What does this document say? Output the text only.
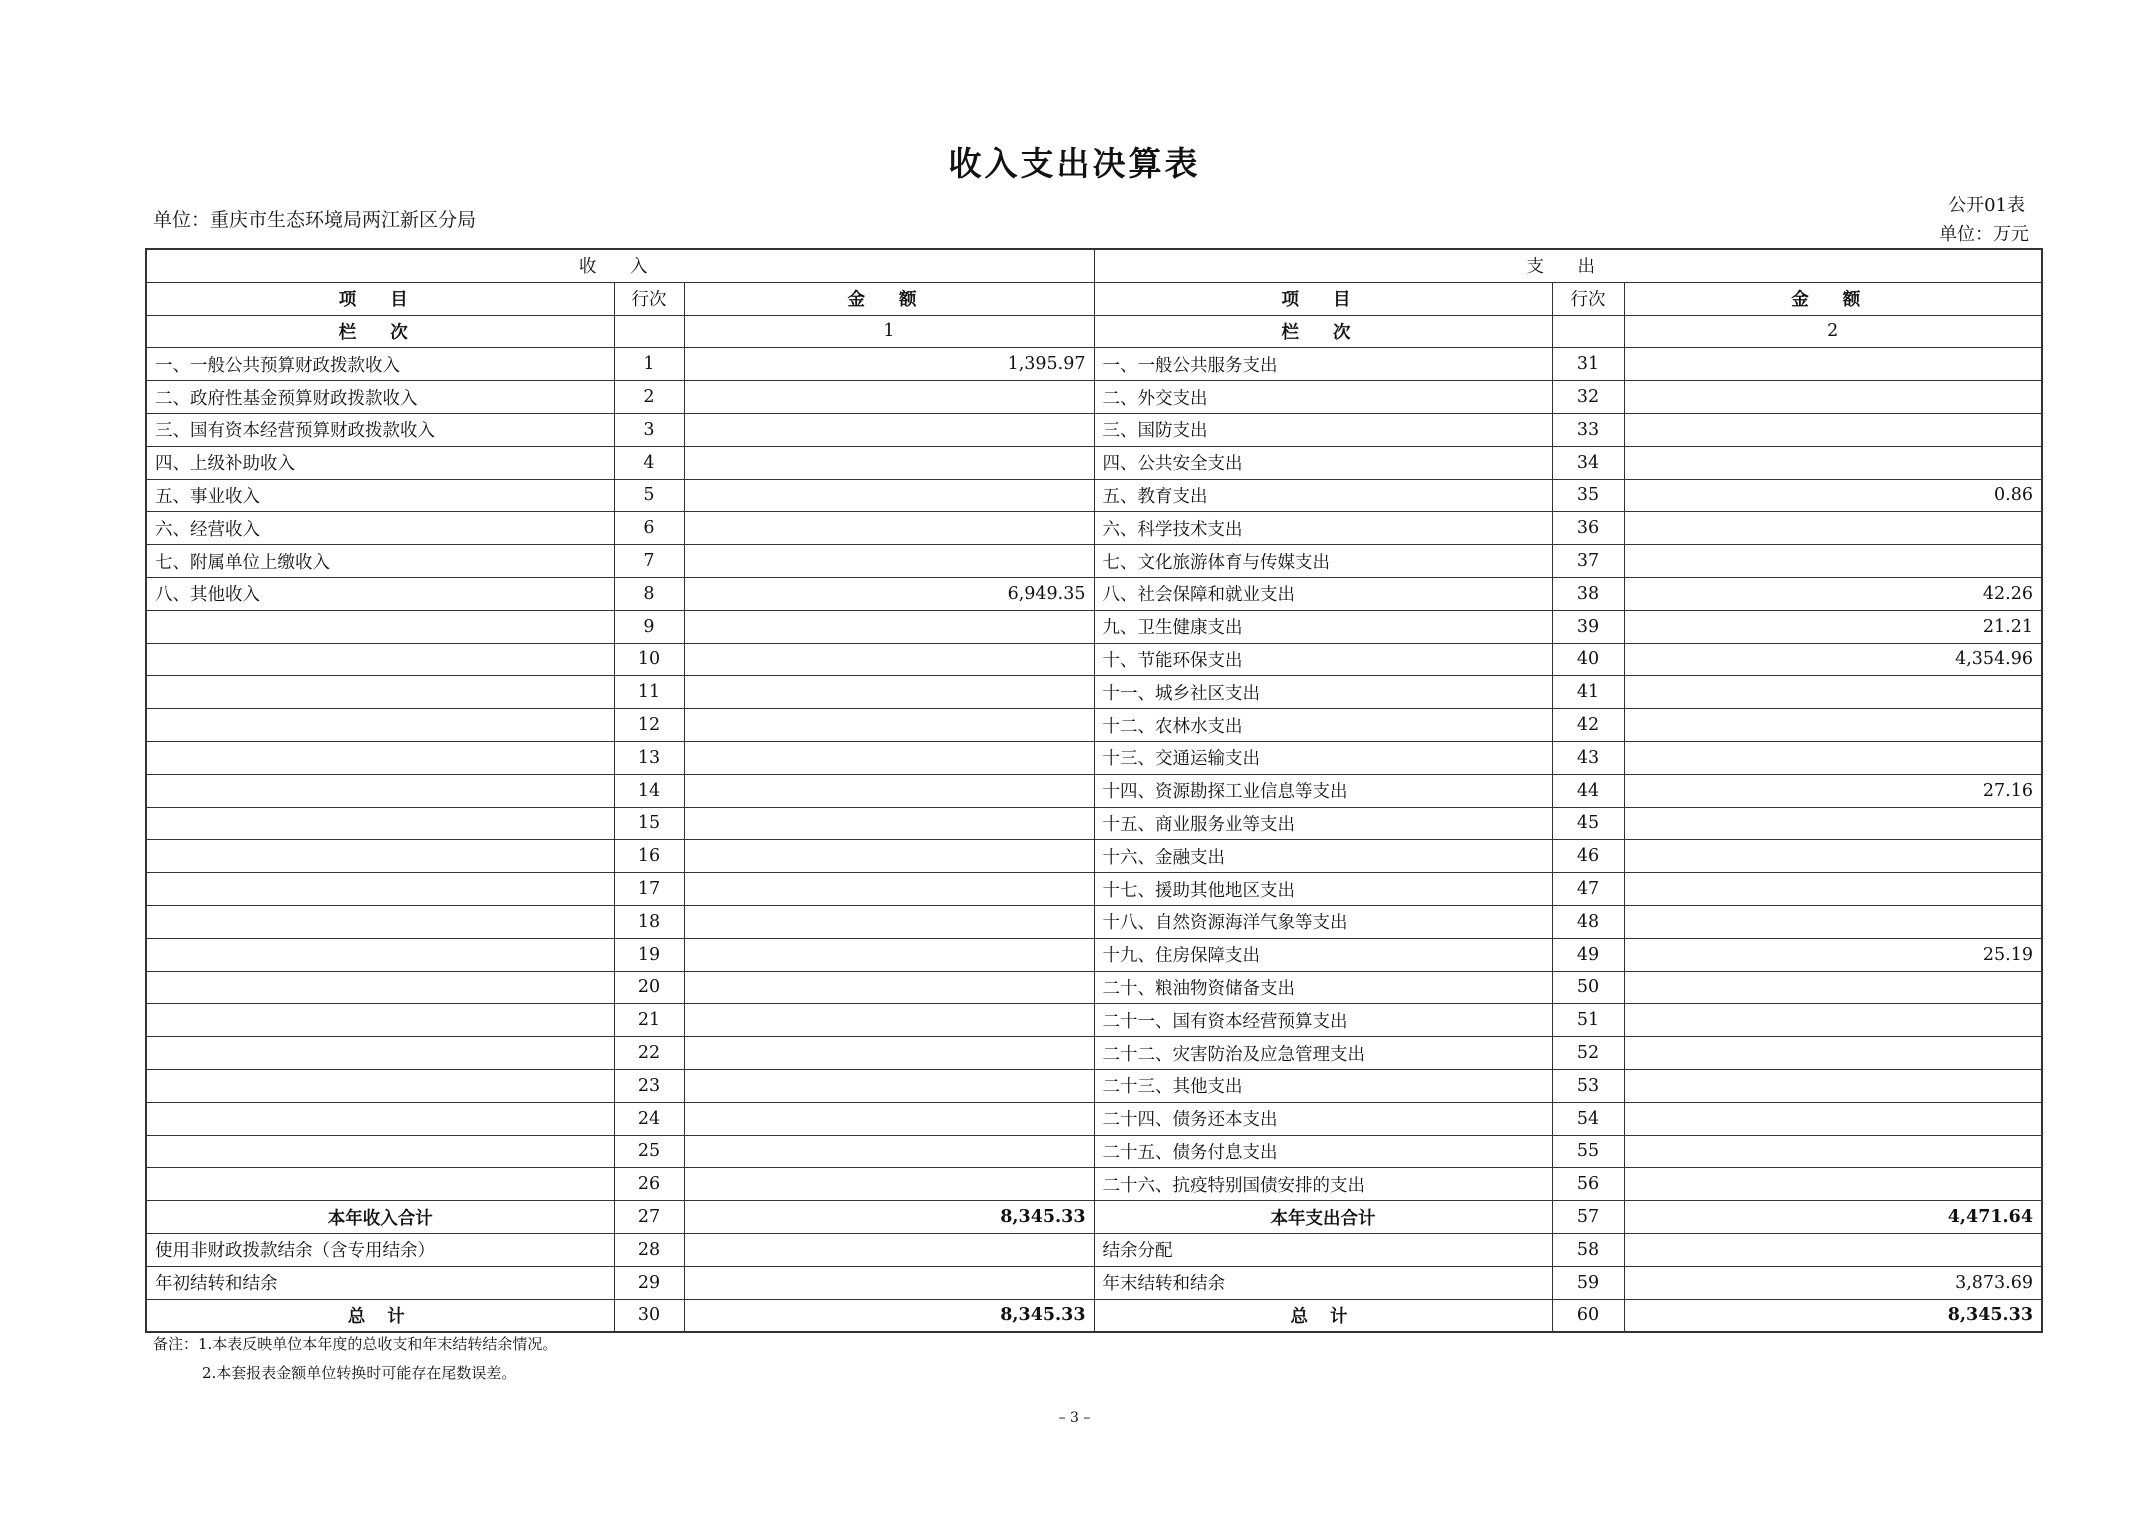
收入支出决算表
单位：重庆市生态环境局两江新区分局
公开01表
单位：万元
收 入			支 出		
项 目	行次	金 额	项 目	行次	金 额
栏 次		1	栏 次		2
一、一般公共预算财政拨款收入	1	1,395.97	一、一般公共服务支出	31	
二、政府性基金预算财政拨款收入	2		二、外交支出	32	
三、国有资本经营预算财政拨款收入	3		三、国防支出	33	
四、上级补助收入	4		四、公共安全支出	34	
五、事业收入	5		五、教育支出	35	0.86
六、经营收入	6		六、科学技术支出	36	
七、附属单位上缴收入	7		七、文化旅游体育与传媒支出	37	
八、其他收入	8	6,949.35	八、社会保障和就业支出	38	42.26
	9		九、卫生健康支出	39	21.21
	10		十、节能环保支出	40	4,354.96
	11		十一、城乡社区支出	41	
	12		十二、农林水支出	42	
	13		十三、交通运输支出	43	
	14		十四、资源勘探工业信息等支出	44	27.16
	15		十五、商业服务业等支出	45	
	16		十六、金融支出	46	
	17		十七、援助其他地区支出	47	
	18		十八、自然资源海洋气象等支出	48	
	19		十九、住房保障支出	49	25.19
	20		二十、粮油物资储备支出	50	
	21		二十一、国有资本经营预算支出	51	
	22		二十二、灾害防治及应急管理支出	52	
	23		二十三、其他支出	53	
	24		二十四、债务还本支出	54	
	25		二十五、债务付息支出	55	
	26		二十六、抗疫特别国债安排的支出	56	
本年收入合计	27	8,345.33	本年支出合计	57	4,471.64
使用非财政拨款结余（含专用结余）	28		结余分配	58	
年初结转和结余	29		年末结转和结余	59	3,873.69
总 计	30	8,345.33	总 计	60	8,345.33
备注：1.本表反映单位本年度的总收支和年末结转结余情况。
2.本套报表金额单位转换时可能存在尾数误差。
– 3 –
